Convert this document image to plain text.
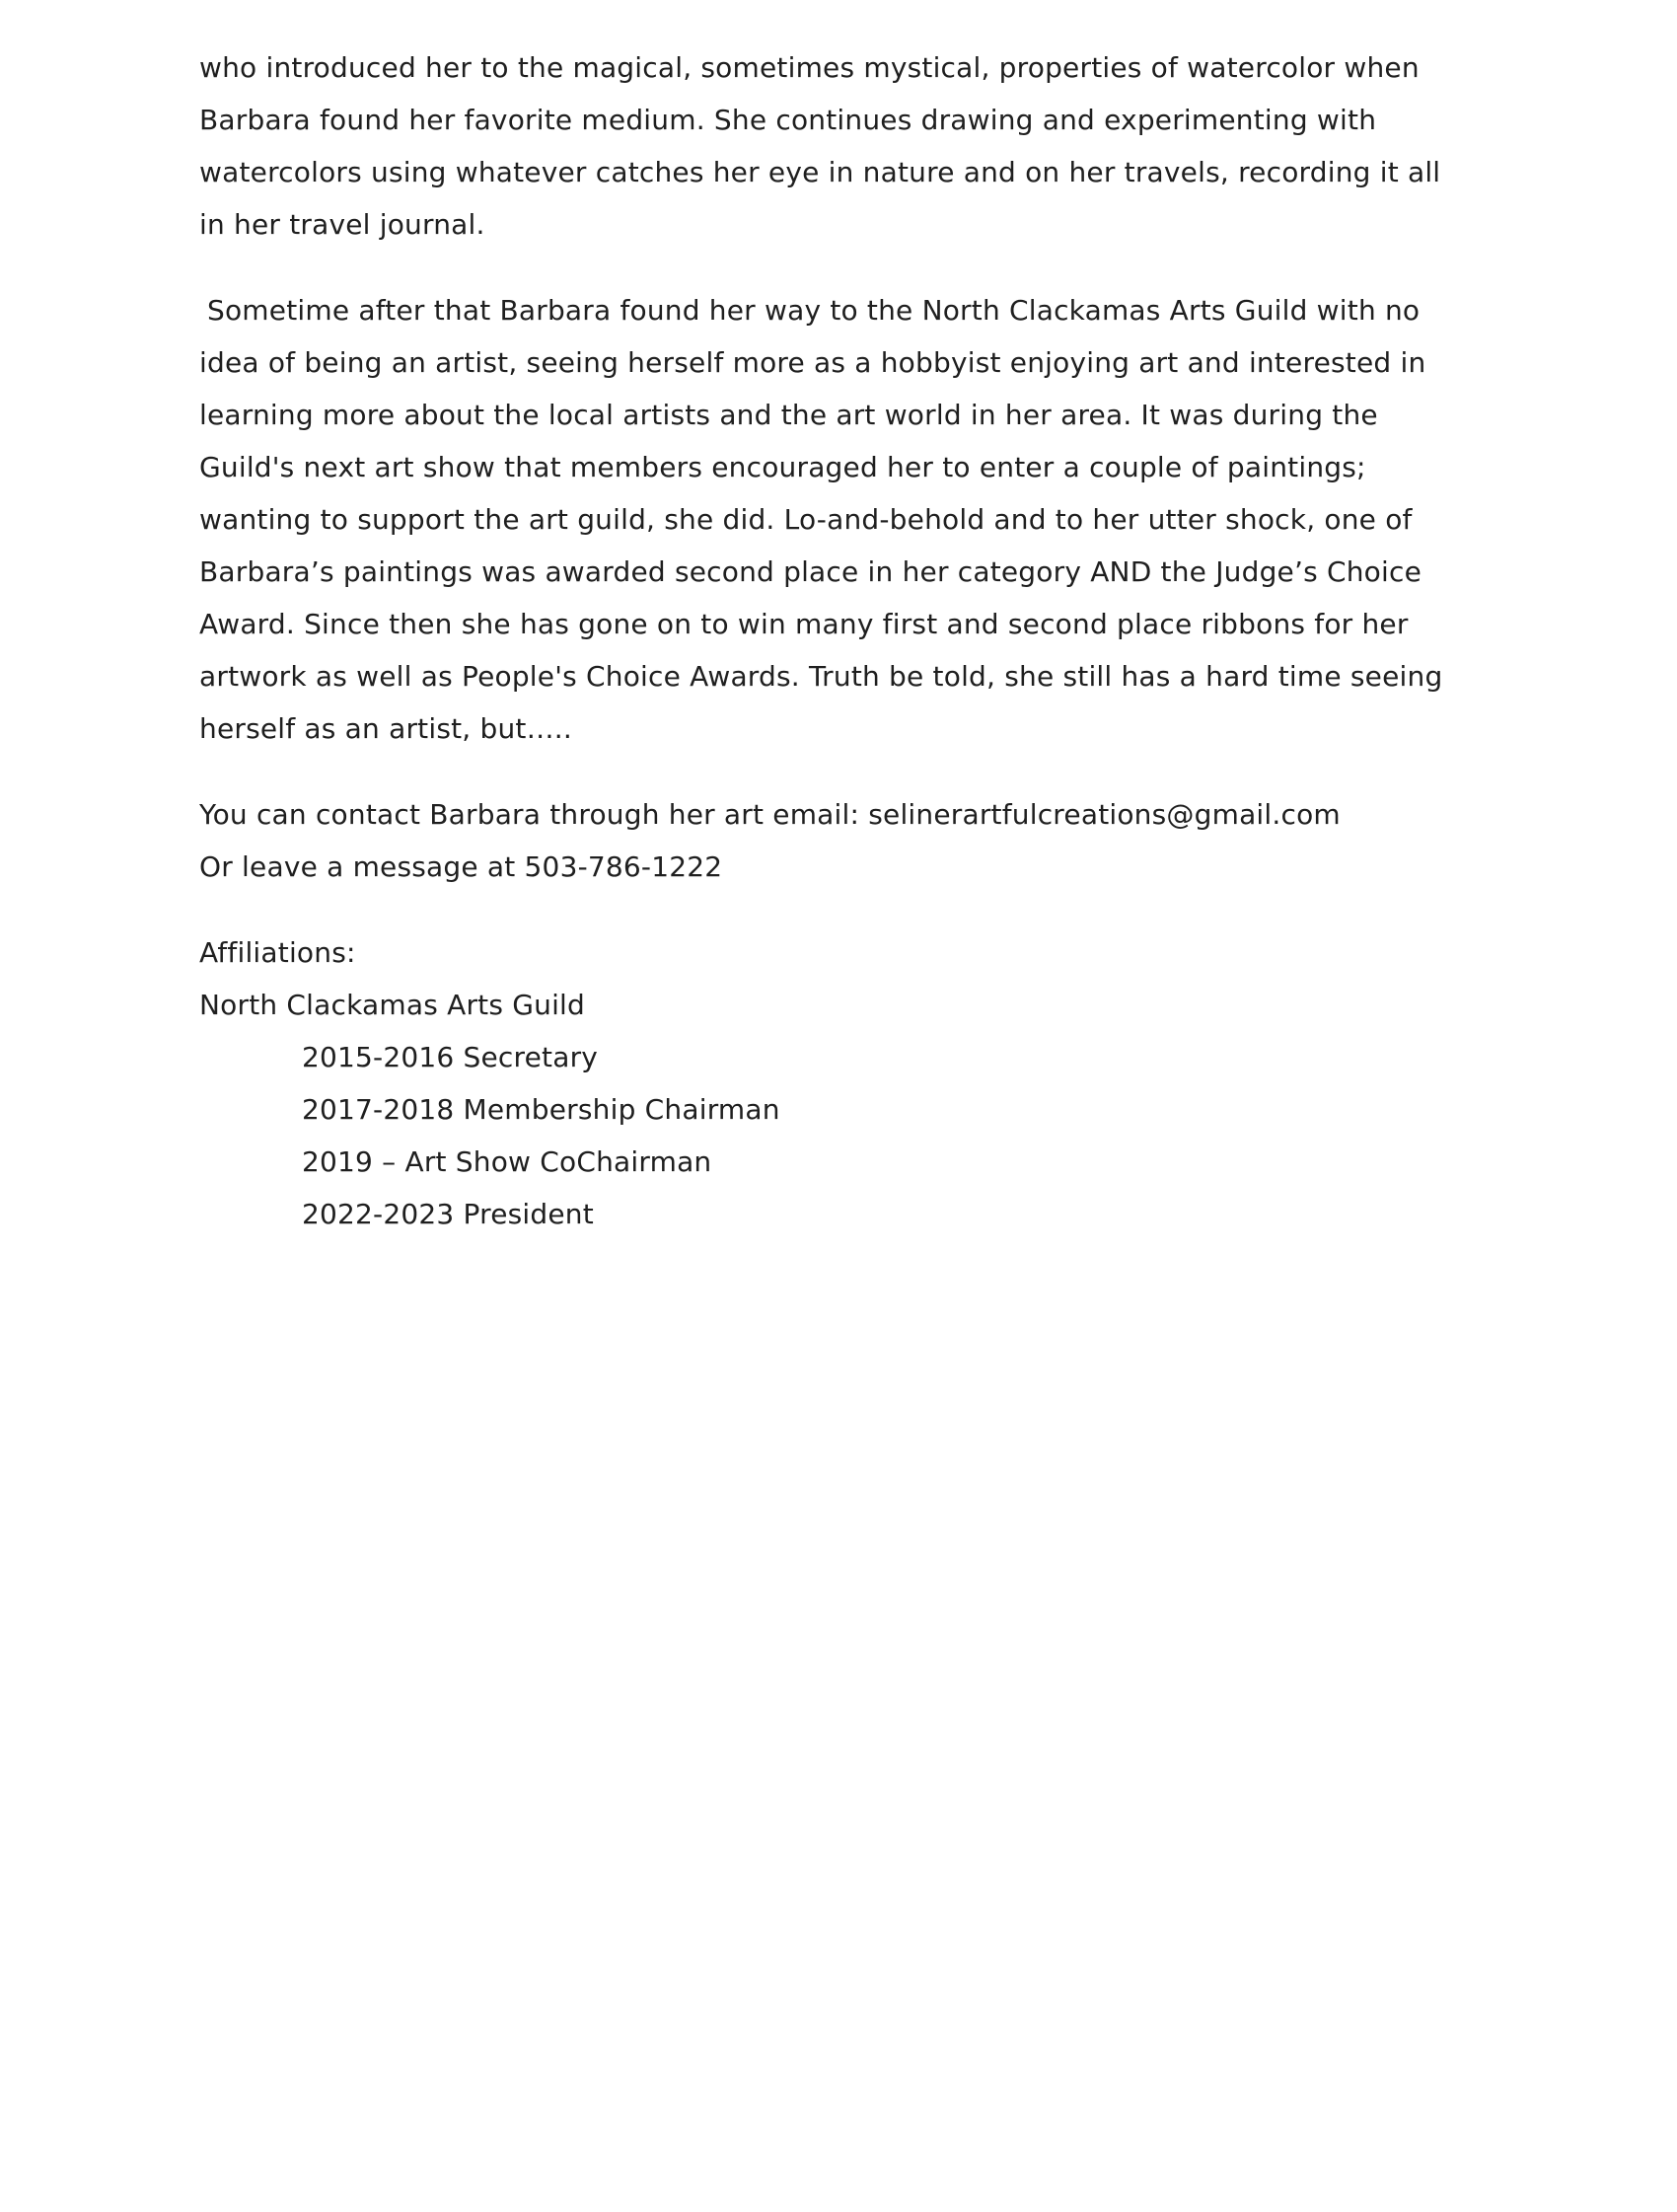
who introduced her to the magical, sometimes mystical, properties of watercolor when Barbara found her favorite medium. She continues drawing and experimenting with watercolors using whatever catches her eye in nature and on her travels, recording it all in her travel journal.

Sometime after that Barbara found her way to the North Clackamas Arts Guild with no idea of being an artist, seeing herself more as a hobbyist enjoying art and interested in learning more about the local artists and the art world in her area. It was during the Guild's next art show that members encouraged her to enter a couple of paintings; wanting to support the art guild, she did. Lo-and-behold and to her utter shock, one of Barbara’s paintings was awarded second place in her category AND the Judge’s Choice Award. Since then she has gone on to win many first and second place ribbons for her artwork as well as People's Choice Awards. Truth be told, she still has a hard time seeing herself as an artist, but…..

You can contact Barbara through her art email: selinerartfulcreations@gmail.com
Or leave a message at 503-786-1222

Affiliations:
North Clackamas Arts Guild
2015-2016 Secretary
2017-2018 Membership Chairman
2019 – Art Show CoChairman
2022-2023 President
